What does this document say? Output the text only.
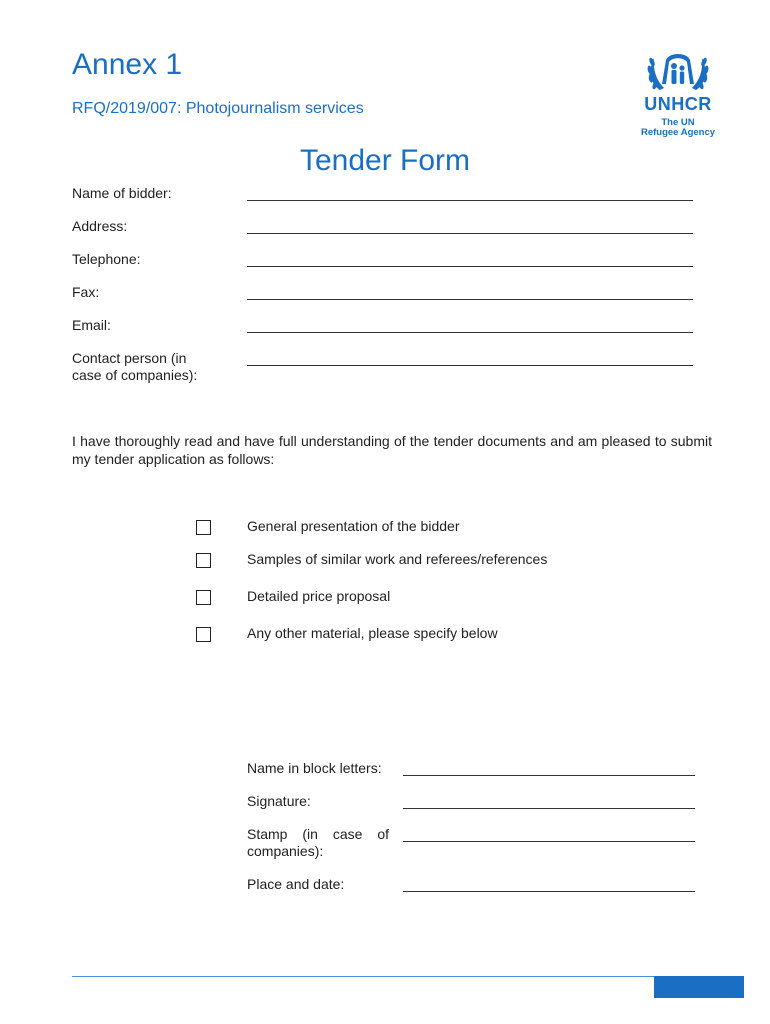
Annex 1
RFQ/2019/007: Photojournalism services	UNHCR
The UN
Refugee Agency
Tender Form
Name of bidder:
Address:
Telephone:
Fax:
Email:
Contact person (in case of companies):
I have thoroughly read and have full understanding of the tender documents and am pleased to submit my tender application as follows:
General presentation of the bidder
Samples of similar work and referees/references
Detailed price proposal
Any other material, please specify below
Name in block letters:
Signature:
Stamp (in case of companies):
Place and date:
